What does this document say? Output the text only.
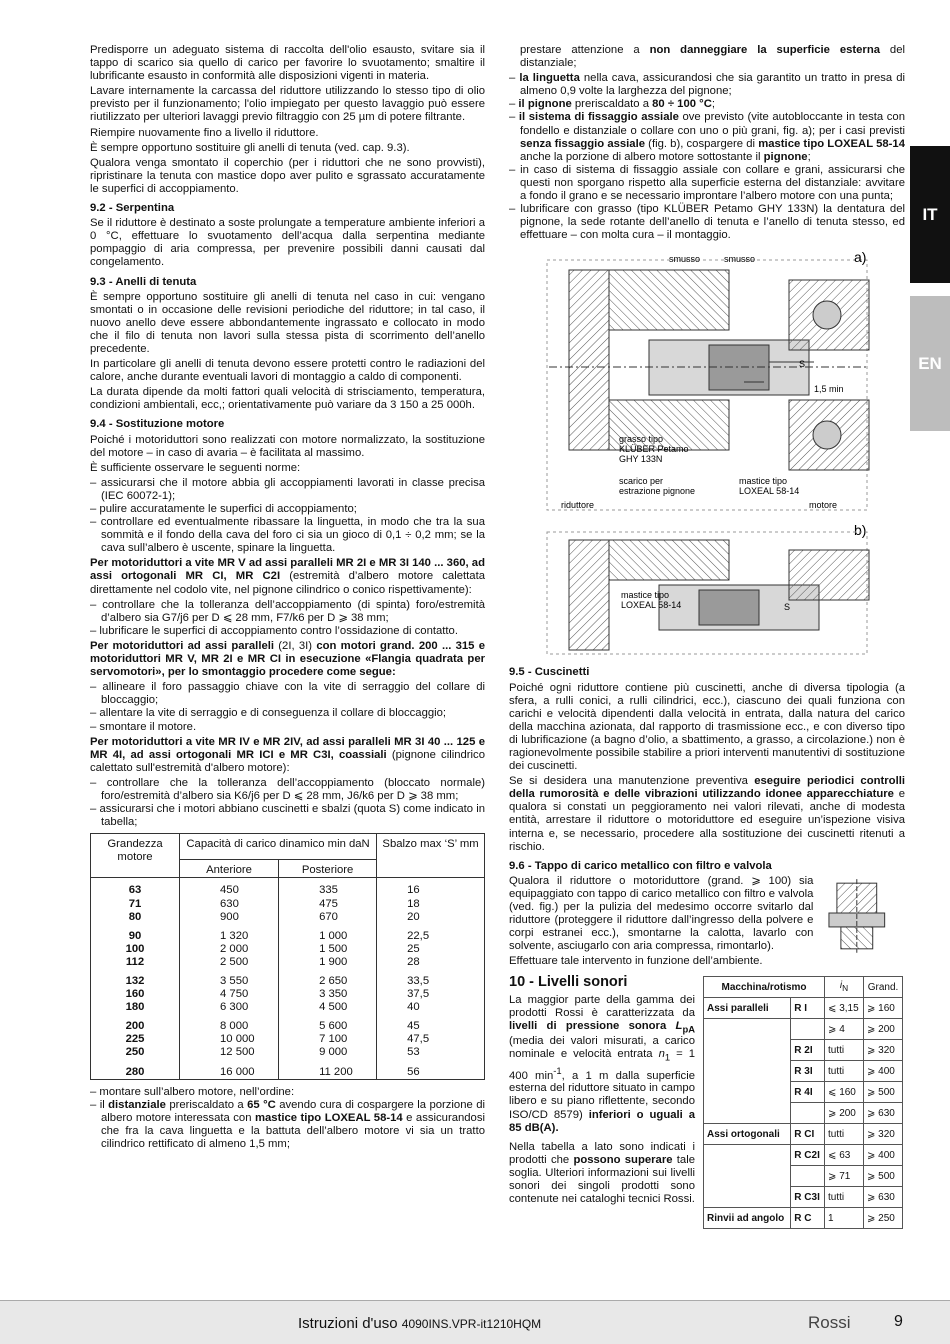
Predisporre un adeguato sistema di raccolta dell'olio esausto, svitare sia il tappo di scarico sia quello di carico per favorire lo svuotamento; smaltire il lubrificante esausto in conformità alle disposizioni vigenti in materia.

Lavare internamente la carcassa del riduttore utilizzando lo stesso tipo di olio previsto per il funzionamento; l'olio impiegato per questo lavaggio può essere riutilizzato per ulteriori lavaggi previo filtraggio con 25 µm di potere filtrante.

Riempire nuovamente fino a livello il riduttore.

È sempre opportuno sostituire gli anelli di tenuta (ved. cap. 9.3).

Qualora venga smontato il coperchio (per i riduttori che ne sono provvisti), ripristinare la tenuta con mastice dopo aver pulito e sgrassato accuratamente le superfici di accoppiamento.

9.2 - Serpentina

Se il riduttore è destinato a soste prolungate a temperature ambiente inferiori a 0 °C, effettuare lo svuotamento dell’acqua dalla serpentina mediante pompaggio di aria compressa, per prevenire possibili danni causati dal congelamento.

9.3 - Anelli di tenuta

È sempre opportuno sostituire gli anelli di tenuta nel caso in cui: vengano smontati o in occasione delle revisioni periodiche del riduttore; in tal caso, il nuovo anello deve essere abbondantemente ingrassato e collocato in modo che il filo di tenuta non lavori sulla stessa pista di scorrimento dell’anello precedente.

In particolare gli anelli di tenuta devono essere protetti contro le radiazioni del calore, anche durante eventuali lavori di montaggio a caldo di componenti.

La durata dipende da molti fattori quali velocità di strisciamento, temperatura, condizioni ambientali, ecc,; orientativamente può variare da 3 150 a 25 000h.

9.4 - Sostituzione motore

Poiché i motoriduttori sono realizzati con motore normalizzato, la sostituzione del motore – in caso di avaria – è facilitata al massimo.

È sufficiente osservare le seguenti norme:

– assicurarsi che il motore abbia gli accoppiamenti lavorati in classe precisa (IEC 60072-1);
– pulire accuratamente le superfici di accoppiamento;
– controllare ed eventualmente ribassare la linguetta, in modo che tra la sua sommità e il fondo della cava del foro ci sia un gioco di 0,1 ÷ 0,2 mm; se la cava sull’albero è uscente, spinare la linguetta.

Per motoriduttori a vite MR V ad assi paralleli MR 2I e MR 3I 140 ... 360, ad assi ortogonali MR CI, MR C2I (estremità d’albero motore calettata direttamente nel codolo vite, nel pignone cilindrico o conico rispettivamente):

– controllare che la tolleranza dell’accoppiamento (di spinta) foro/estremità d’albero sia G7/j6 per D ⩽ 28 mm, F7/k6 per D ⩾ 38 mm;
– lubrificare le superfici di accoppiamento contro l’ossidazione di contatto.

Per motoriduttori ad assi paralleli (2I, 3I) con motori grand. 200 ... 315 e motoriduttori MR V, MR 2I e MR CI in esecuzione «Flangia quadrata per servomotori», per lo smontaggio procedere come segue:

– allineare il foro passaggio chiave con la vite di serraggio del collare di bloccaggio;
– allentare la vite di serraggio e di conseguenza il collare di bloccaggio;
– smontare il motore.

Per motoriduttori a vite MR IV e MR 2IV, ad assi paralleli MR 3I 40 ... 125 e MR 4I, ad assi ortogonali MR ICI e MR C3I, coassiali (pignone cilindrico calettato sull'estremità d'albero motore):

– controllare che la tolleranza dell’accoppiamento (bloccato normale) foro/estremità d’albero sia K6/j6 per D ⩽ 28 mm, J6/k6 per D ⩾ 38 mm;
– assicurarsi che i motori abbiano cuscinetti e sbalzi (quota S) come indicato in tabella;
Grandezza motore	Capacità di carico dinamico min daN		Sbalzo max ‘S’ mm
	Anteriore	Posteriore	
63	450	335	16
71	630	475	18
80	900	670	20
90	1 320	1 000	22,5
100	2 000	1 500	25
112	2 500	1 900	28
132	3 550	2 650	33,5
160	4 750	3 350	37,5
180	6 300	4 500	40
200	8 000	5 600	45
225	10 000	7 100	47,5
250	12 500	9 000	53
280	16 000	11 200	56
– montare sull’albero motore, nell’ordine:
– il distanziale preriscaldato a 65 °C avendo cura di cospargere la porzione di albero motore interessata con mastice tipo LOXEAL 58-14 e assicurandosi che fra la cava linguetta e la battuta dell’albero motore vi sia un tratto cilindrico rettificato di almeno 1,5 mm;

prestare attenzione a non danneggiare la superficie esterna del distanziale;

– la linguetta nella cava, assicurandosi che sia garantito un tratto in presa di almeno 0,9 volte la larghezza del pignone;
– il pignone preriscaldato a 80 ÷ 100 °C;
– il sistema di fissaggio assiale ove previsto (vite autobloccante in testa con fondello e distanziale o collare con uno o più grani, fig. a); per i casi previsti senza fissaggio assiale (fig. b), cospargere di mastice tipo LOXEAL 58-14 anche la porzione di albero motore sottostante il pignone;
– in caso di sistema di fissaggio assiale con collare e grani, assicurarsi che questi non sporgano rispetto alla superficie esterna del distanziale: avvitare a fondo il grano e se necessario improntare l’albero motore con una punta;
– lubrificare con grasso (tipo KLÜBER Petamo GHY 133N) la dentatura del pignone, la sede rotante dell’anello di tenuta e l’anello di tenuta stesso, ed effettuare – con molta cura – il montaggio.
a)
smusso	smusso
S
1,5 min
grasso tipo
KLÜBER Petamo
GHY 133N
mastice tipo
LOXEAL 58-14
scarico per
estrazione pignone
riduttore	motore
b)
S
mastice tipo
LOXEAL 58-14
9.5 - Cuscinetti

Poiché ogni riduttore contiene più cuscinetti, anche di diversa tipologia (a sfera, a rulli conici, a rulli cilindrici, ecc.), ciascuno dei quali funziona con carichi e velocità dipendenti dalla velocità in entrata, dalla natura del carico della macchina azionata, dal rapporto di trasmissione ecc., e con diverso tipo di lubrificazione (a bagno d’olio, a sbattimento, a grasso, a circolazione.) non è ragionevolmente possibile stabilire a priori interventi manutentivi di sostituzione dei cuscinetti.

Se si desidera una manutenzione preventiva eseguire periodici controlli della rumorosità e delle vibrazioni utilizzando idonee apparecchiature e qualora si constati un peggioramento nei valori rilevati, anche di modesta entità, arrestare il riduttore o motoriduttore ed eseguire un’ispezione visiva interna e, se necessario, procedere alla sostituzione dei cuscinetti ritenuti a rischio.

9.6 - Tappo di carico metallico con filtro e valvola

Qualora il riduttore o motoriduttore (grand. ⩾ 100) sia equipaggiato con tappo di carico metallico con filtro e valvola (ved. fig.) per la pulizia del medesimo occorre svitarlo dal riduttore (proteggere il riduttore dall’ingresso della polvere e corpi estranei ecc.), smontarne la calotta, lavarlo con solvente, asciugarlo con aria compressa, rimontarlo).

Effettuare tale intervento in funzione dell’ambiente.

10 - Livelli sonori

La maggior parte della gamma dei prodotti Rossi è caratterizzata da livelli di pressione sonora $L_{pA}$ (media dei valori misurati, a carico nominale e velocità entrata $n_1 = 1$ 400 $\min^{-1}$, a 1 m dalla superficie esterna del riduttore situato in campo libero e su piano riflettente, secondo ISO/CD 8579) inferiori o uguali a 85 dB(A).

Nella tabella a lato sono indicati i prodotti che possono superare tale soglia. Ulteriori informazioni sui livelli sonori dei singoli prodotti sono contenute nei cataloghi tecnici Rossi.

Macchina/rotismo		$i_N$	Grand.
Assi paralleli	R I	⩽ 3,15	⩾ 160
		⩾ 4	⩾ 200
	R 2I	tutti	⩾ 320
	R 3I	tutti	⩾ 400
	R 4I	⩽ 160	⩾ 500
		⩾ 200	⩾ 630
Assi ortogonali	R CI	tutti	⩾ 320
	R C2I	⩽ 63	⩾ 400
		⩾ 71	⩾ 500
	R C3I	tutti	⩾ 630
Rinvii ad angolo	R C	1	⩾ 250
IT
EN
Istruzioni d'uso 4090INS.VPR-it1210HQM	Rossi	9
